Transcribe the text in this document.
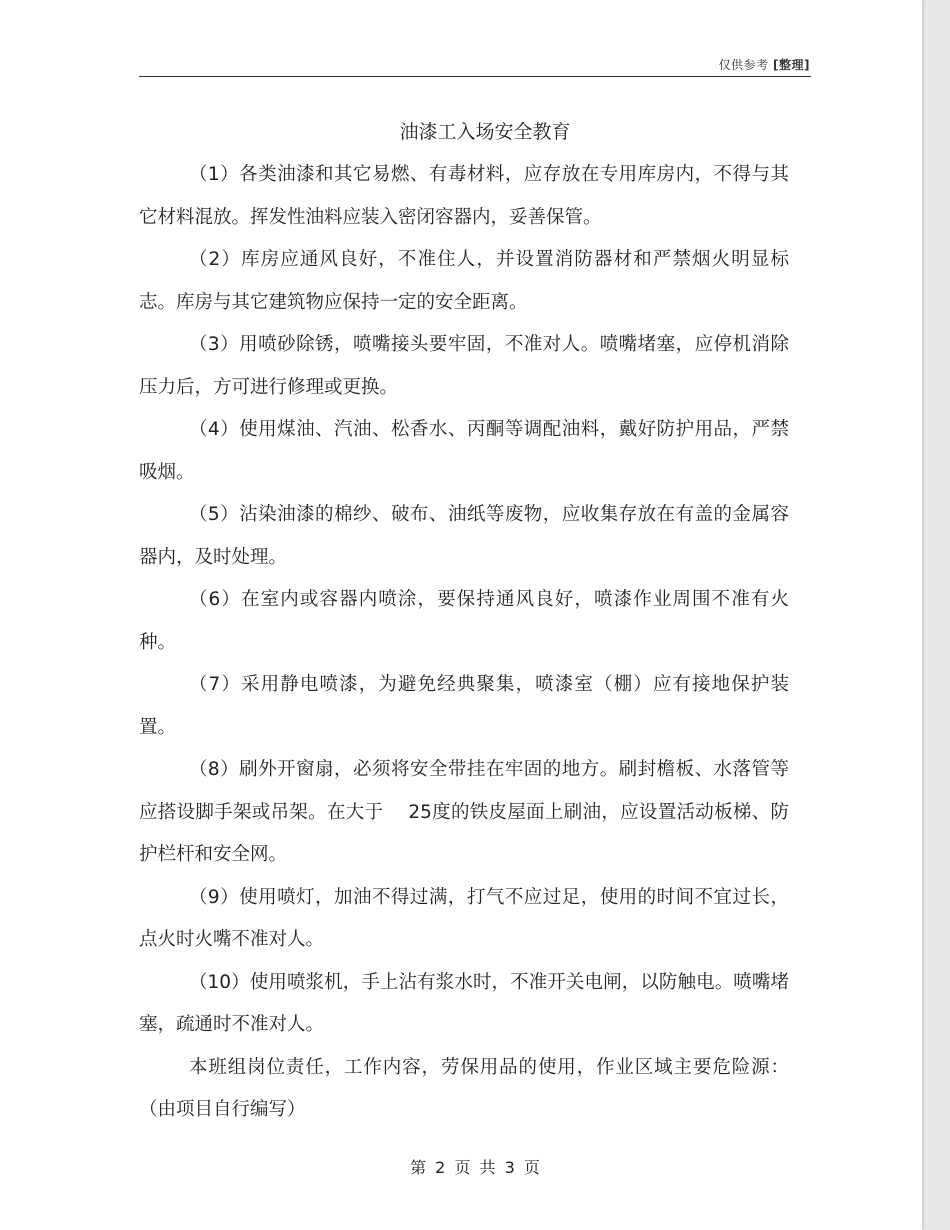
仅供参考 [整理]
油漆工入场安全教育

（1）各类油漆和其它易燃、有毒材料，应存放在专用库房内，不得与其它材料混放。挥发性油料应装入密闭容器内，妥善保管。

（2）库房应通风良好，不准住人，并设置消防器材和严禁烟火明显标志。库房与其它建筑物应保持一定的安全距离。

（3）用喷砂除锈，喷嘴接头要牢固，不准对人。喷嘴堵塞，应停机消除压力后，方可进行修理或更换。

（4）使用煤油、汽油、松香水、丙酮等调配油料，戴好防护用品，严禁吸烟。

（5）沾染油漆的棉纱、破布、油纸等废物，应收集存放在有盖的金属容器内，及时处理。

（6）在室内或容器内喷涂，要保持通风良好，喷漆作业周围不准有火种。

（7）采用静电喷漆，为避免经典聚集，喷漆室（棚）应有接地保护装置。

（8）刷外开窗扇，必须将安全带挂在牢固的地方。刷封檐板、水落管等应搭设脚手架或吊架。在大于　 25度的铁皮屋面上刷油，应设置活动板梯、防护栏杆和安全网。

（9）使用喷灯，加油不得过满，打气不应过足，使用的时间不宜过长，点火时火嘴不准对人。

（10）使用喷浆机，手上沾有浆水时，不准开关电闸，以防触电。喷嘴堵塞，疏通时不准对人。

本班组岗位责任，工作内容，劳保用品的使用，作业区域主要危险源：（由项目自行编写）

第 2 页 共 3 页
